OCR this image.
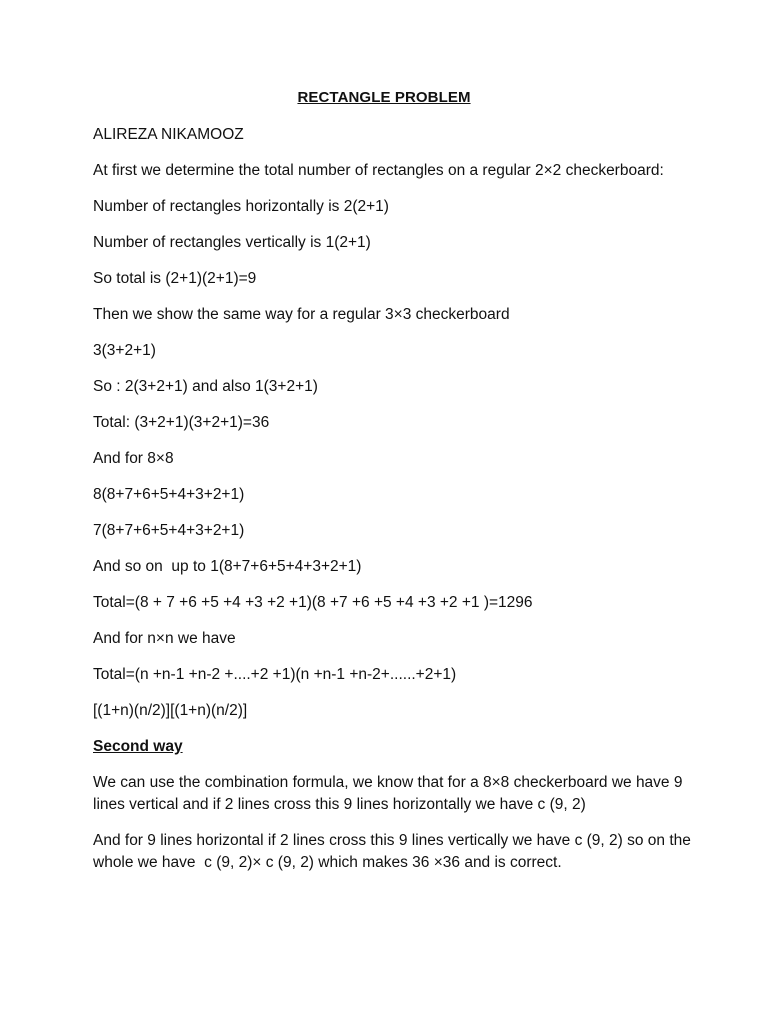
RECTANGLE PROBLEM

ALIREZA NIKAMOOZ

At first we determine the total number of rectangles on a regular 2×2 checkerboard:

Number of rectangles horizontally is 2(2+1)

Number of rectangles vertically is 1(2+1)

So total is (2+1)(2+1)=9

Then we show the same way for a regular 3×3 checkerboard

3(3+2+1)

So : 2(3+2+1) and also 1(3+2+1)

Total: (3+2+1)(3+2+1)=36

And for 8×8

8(8+7+6+5+4+3+2+1)

7(8+7+6+5+4+3+2+1)

And so on  up to 1(8+7+6+5+4+3+2+1)

Total=(8 + 7 +6 +5 +4 +3 +2 +1)(8 +7 +6 +5 +4 +3 +2 +1 )=1296

And for n×n we have

Total=(n +n-1 +n-2 +....+2 +1)(n +n-1 +n-2+......+2+1)

[(1+n)(n/2)][(1+n)(n/2)]

Second way

We can use the combination formula, we know that for a 8×8 checkerboard we have 9 lines vertical and if 2 lines cross this 9 lines horizontally we have c (9, 2)

And for 9 lines horizontal if 2 lines cross this 9 lines vertically we have c (9, 2) so on the whole we have  c (9, 2)× c (9, 2) which makes 36 ×36 and is correct.
